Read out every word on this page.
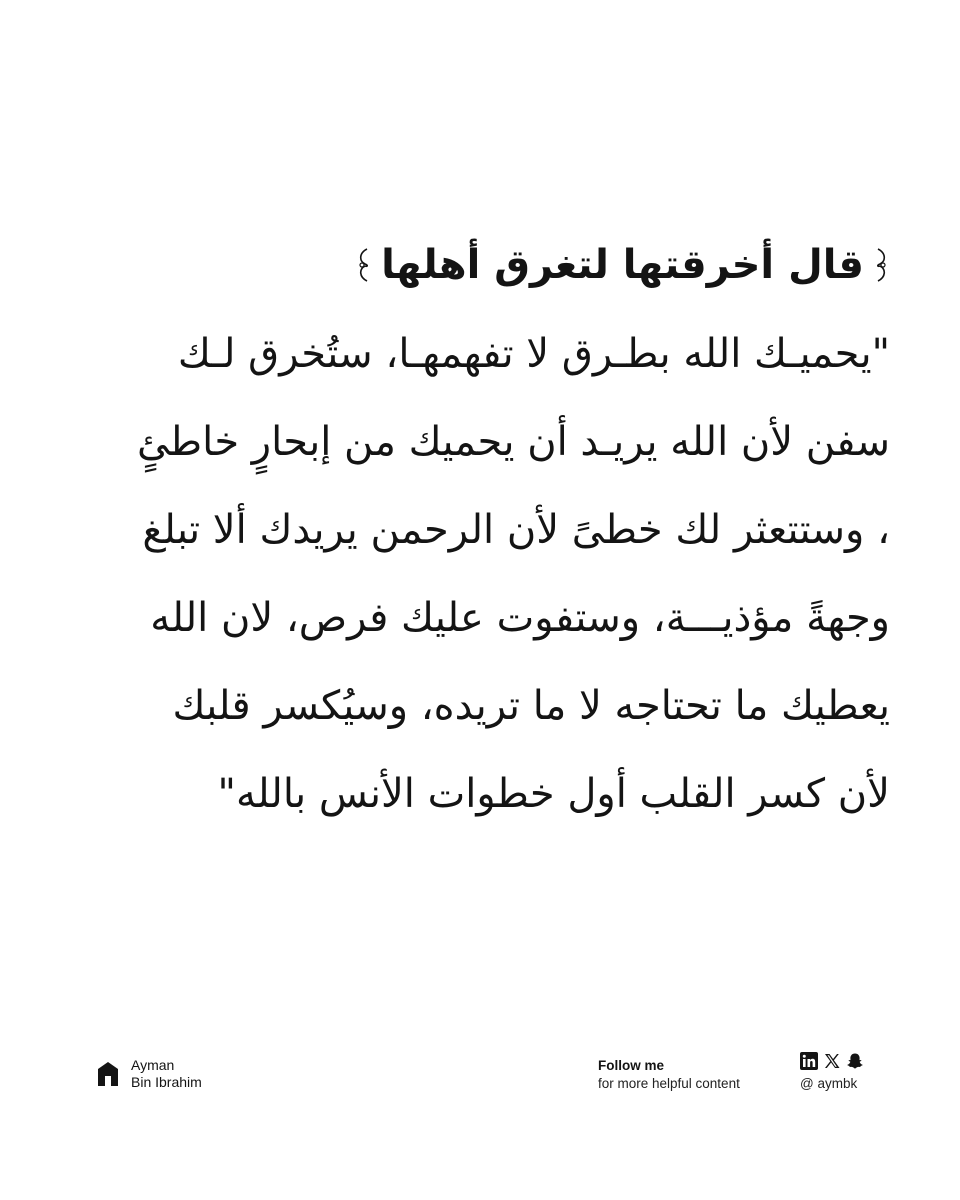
قال أخرقتها لتغرق أهلها
"يحميـك الله بطـرق لا تفهمهـا، ستُخرق لـك
سفن لأن الله يريـد أن يحميك من إبحارٍ خاطئٍ
، وستتعثر لك خطىً لأن الرحمن يريدك ألا تبلغ
وجهةً مؤذيـــة، وستفوت عليك فرص، لان الله
يعطيك ما تحتاجه لا ما تريده، وسيُكسر قلبك
لأن كسر القلب أول خطوات الأنس بالله"
Ayman
Bin Ibrahim
Follow me
for more helpful content	@ aymbk
